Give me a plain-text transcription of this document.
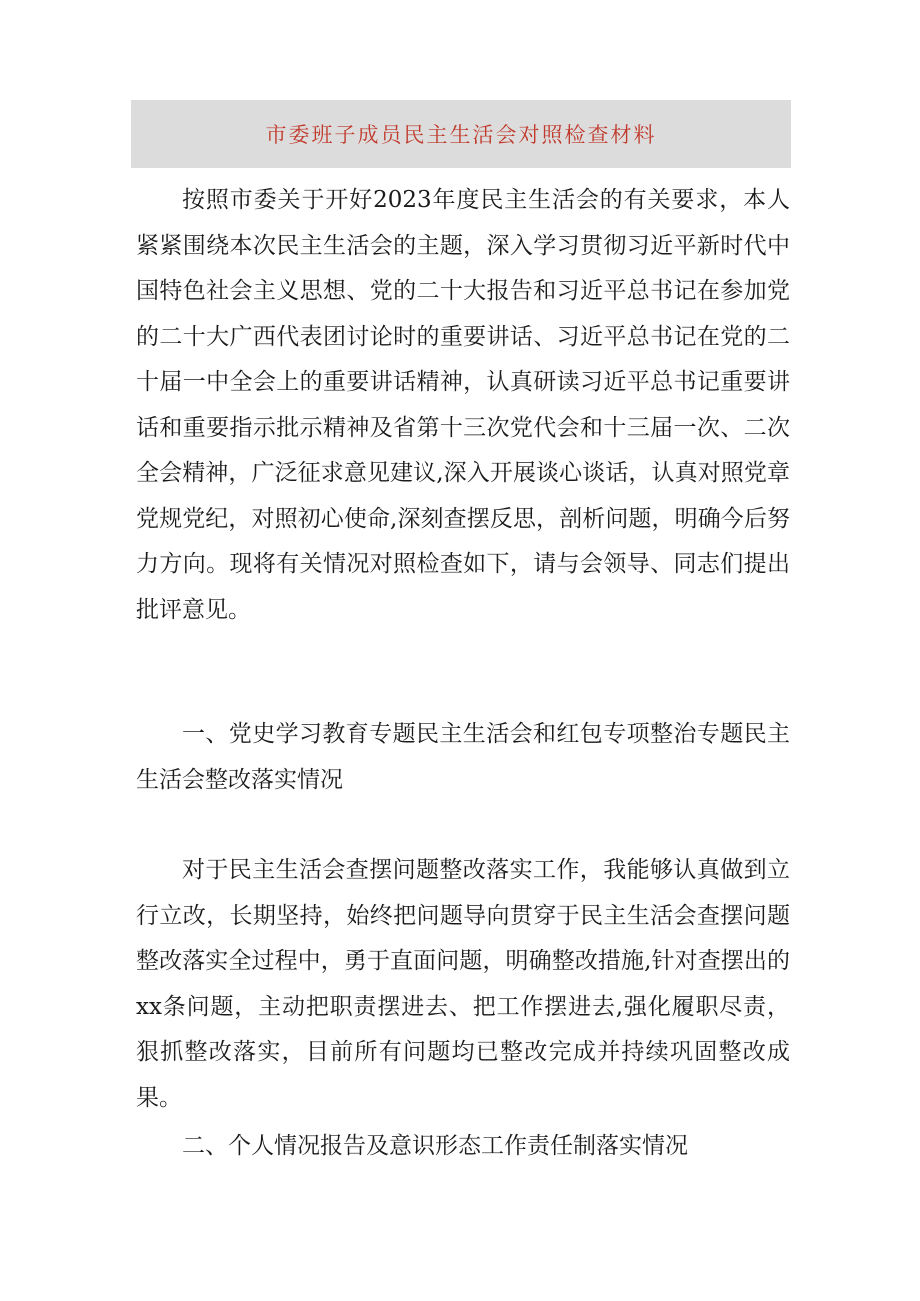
市委班子成员民主生活会对照检查材料

按照市委关于开好2023年度民主生活会的有关要求，本人紧紧围绕本次民主生活会的主题，深入学习贯彻习近平新时代中国特色社会主义思想、党的二十大报告和习近平总书记在参加党的二十大广西代表团讨论时的重要讲话、习近平总书记在党的二十届一中全会上的重要讲话精神，认真研读习近平总书记重要讲话和重要指示批示精神及省第十三次党代会和十三届一次、二次全会精神，广泛征求意见建议,深入开展谈心谈话，认真对照党章党规党纪，对照初心使命,深刻查摆反思，剖析问题，明确今后努力方向。现将有关情况对照检查如下，请与会领导、同志们提出批评意见。

一、党史学习教育专题民主生活会和红包专项整治专题民主生活会整改落实情况

对于民主生活会查摆问题整改落实工作，我能够认真做到立行立改，长期坚持，始终把问题导向贯穿于民主生活会查摆问题整改落实全过程中，勇于直面问题，明确整改措施,针对查摆出的xx条问题，主动把职责摆进去、把工作摆进去,强化履职尽责，狠抓整改落实，目前所有问题均已整改完成并持续巩固整改成果。

二、个人情况报告及意识形态工作责任制落实情况
